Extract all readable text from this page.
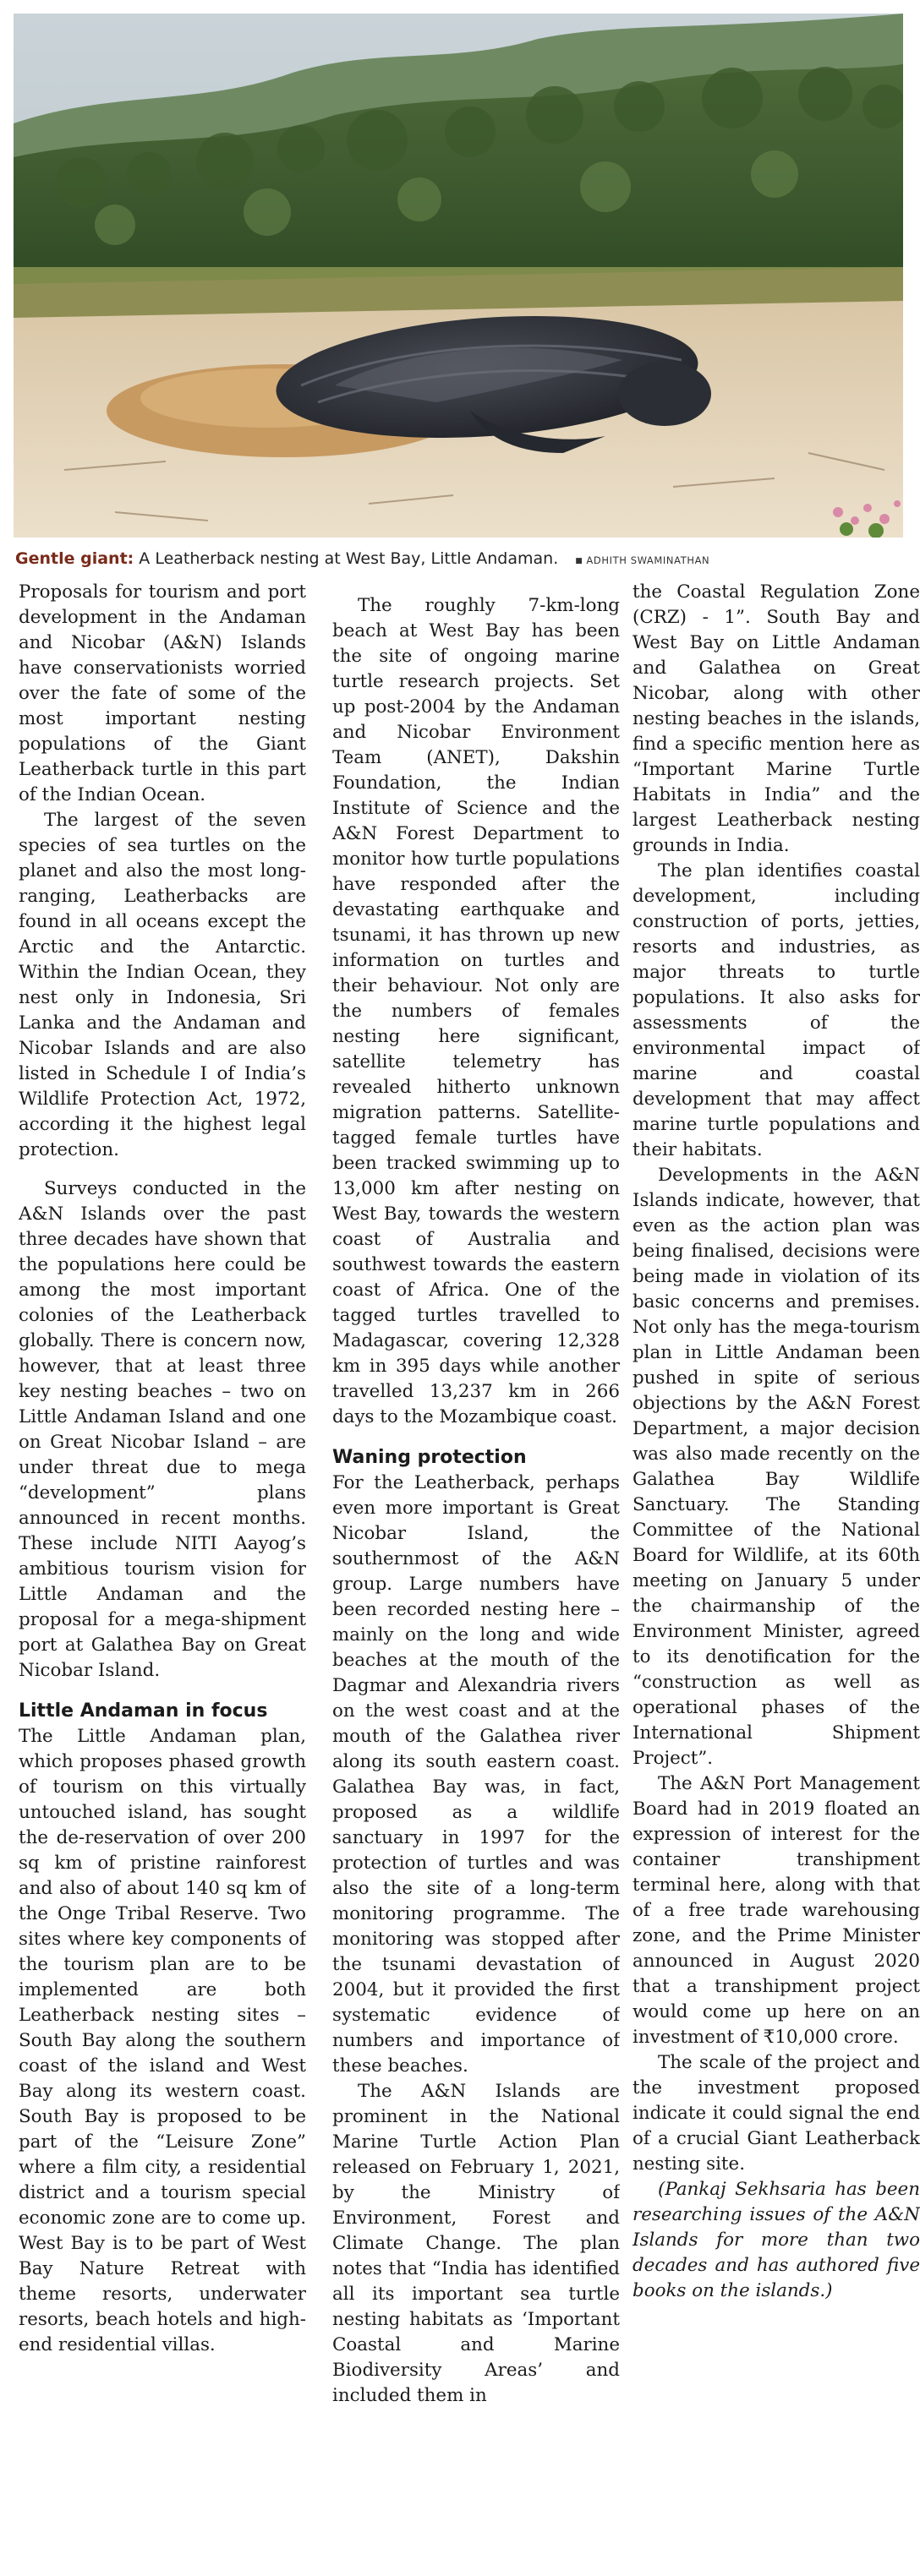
Gentle giant: A Leatherback nesting at West Bay, Little Andaman. ■	ADHITH SWAMINATHAN

Proposals for tourism and port development in the Andaman and Nicobar (A&N) Islands have conservationists worried over the fate of some of the most important nesting populations of the Giant Leatherback turtle in this part of the Indian Ocean.

The largest of the seven species of sea turtles on the planet and also the most long-ranging, Leatherbacks are found in all oceans except the Arctic and the Antarctic. Within the Indian Ocean, they nest only in Indonesia, Sri Lanka and the Andaman and Nicobar Islands and are also listed in Schedule I of India’s Wildlife Protection Act, 1972, according it the highest legal protection.

Surveys conducted in the A&N Islands over the past three decades have shown that the populations here could be among the most important colonies of the Leatherback globally. There is concern now, however, that at least three key nesting beaches – two on Little Andaman Island and one on Great Nicobar Island – are under threat due to mega “development” plans announced in recent months. These include NITI Aayog’s ambitious tourism vision for Little Andaman and the proposal for a mega-shipment port at Galathea Bay on Great Nicobar Island.

Little Andaman in focus

The Little Andaman plan, which proposes phased growth of tourism on this virtually untouched island, has sought the de-reservation of over 200 sq km of pristine rainforest and also of about 140 sq km of the Onge Tribal Reserve. Two sites where key components of the tourism plan are to be implemented are both Leatherback nesting sites – South Bay along the southern coast of the island and West Bay along its western coast. South Bay is proposed to be part of the “Leisure Zone” where a film city, a residential district and a tourism special economic zone are to come up. West Bay is to be part of West Bay Nature Retreat with theme resorts, underwater resorts, beach hotels and high-end residential villas.

The roughly 7-km-long beach at West Bay has been the site of ongoing marine turtle research projects. Set up post-2004 by the Andaman and Nicobar Environment Team (ANET), Dakshin Foundation, the Indian Institute of Science and the A&N Forest Department to monitor how turtle populations have responded after the devastating earthquake and tsunami, it has thrown up new information on turtles and their behaviour. Not only are the numbers of females nesting here significant, satellite telemetry has revealed hitherto unknown migration patterns. Satellite-tagged female turtles have been tracked swimming up to 13,000 km after nesting on West Bay, towards the western coast of Australia and southwest towards the eastern coast of Africa. One of the tagged turtles travelled to Madagascar, covering 12,328 km in 395 days while another travelled 13,237 km in 266 days to the Mozambique coast.

Waning protection

For the Leatherback, perhaps even more important is Great Nicobar Island, the southernmost of the A&N group. Large numbers have been recorded nesting here – mainly on the long and wide beaches at the mouth of the Dagmar and Alexandria rivers on the west coast and at the mouth of the Galathea river along its south eastern coast. Galathea Bay was, in fact, proposed as a wildlife sanctuary in 1997 for the protection of turtles and was also the site of a long-term monitoring programme. The monitoring was stopped after the tsunami devastation of 2004, but it provided the first systematic evidence of numbers and importance of these beaches.

The A&N Islands are prominent in the National Marine Turtle Action Plan released on February 1, 2021, by the Ministry of Environment, Forest and Climate Change. The plan notes that “India has identified all its important sea turtle nesting habitats as ‘Important Coastal and Marine Biodiversity Areas’ and included them in

the Coastal Regulation Zone (CRZ) - 1”. South Bay and West Bay on Little Andaman and Galathea on Great Nicobar, along with other nesting beaches in the islands, find a specific mention here as “Important Marine Turtle Habitats in India” and the largest Leatherback nesting grounds in India.

The plan identifies coastal development, including construction of ports, jetties, resorts and industries, as major threats to turtle populations. It also asks for assessments of the environmental impact of marine and coastal development that may affect marine turtle populations and their habitats.

Developments in the A&N Islands indicate, however, that even as the action plan was being finalised, decisions were being made in violation of its basic concerns and premises. Not only has the mega-tourism plan in Little Andaman been pushed in spite of serious objections by the A&N Forest Department, a major decision was also made recently on the Galathea Bay Wildlife Sanctuary. The Standing Committee of the National Board for Wildlife, at its 60th meeting on January 5 under the chairmanship of the Environment Minister, agreed to its denotification for the “construction as well as operational phases of the International Shipment Project”.

The A&N Port Management Board had in 2019 floated an expression of interest for the container transhipment terminal here, along with that of a free trade warehousing zone, and the Prime Minister announced in August 2020 that a transhipment project would come up here on an investment of ₹10,000 crore.

The scale of the project and the investment proposed indicate it could signal the end of a crucial Giant Leatherback nesting site.

(Pankaj Sekhsaria has been researching issues of the A&N Islands for more than two decades and has authored five books on the islands.)
